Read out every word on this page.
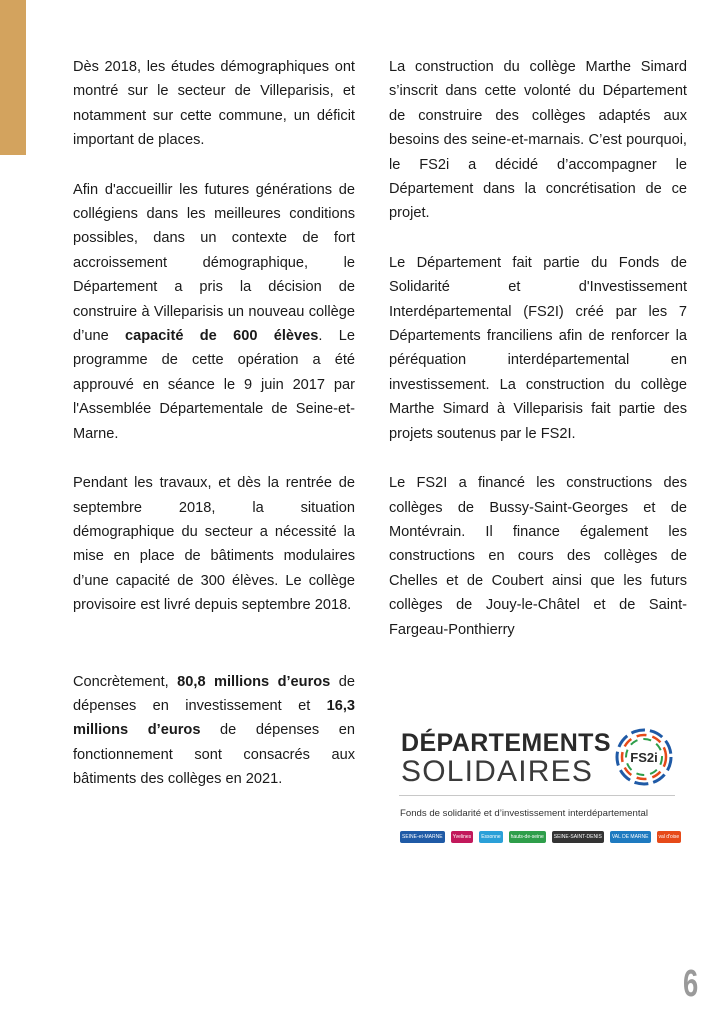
Dès 2018, les études démographiques ont montré sur le secteur de Villeparisis, et notamment sur cette commune, un déficit important de places.

Afin d'accueillir les futures générations de collégiens dans les meilleures conditions possibles, dans un contexte de fort accroissement démographique, le Département a pris la décision de construire à Villeparisis un nouveau collège d’une capacité de 600 élèves. Le programme de cette opération a été approuvé en séance le 9 juin 2017 par l'Assemblée Départementale de Seine-et-Marne.

Pendant les travaux, et dès la rentrée de septembre 2018, la situation démographique du secteur a nécessité la mise en place de bâtiments modulaires d’une capacité de 300 élèves. Le collège provisoire est livré depuis septembre 2018.

Concrètement, 80,8 millions d’euros de dépenses en investissement et 16,3 millions d’euros de dépenses en fonctionnement sont consacrés aux bâtiments des collèges en 2021.

La construction du collège Marthe Simard s’inscrit dans cette volonté du Département de construire des collèges adaptés aux besoins des seine-et-marnais. C’est pourquoi, le FS2i a décidé d’accompagner le Département dans la concrétisation de ce projet.

Le Département fait partie du Fonds de Solidarité et d'Investissement Interdépartemental (FS2I) créé par les 7 Départements franciliens afin de renforcer la péréquation interdépartemental en investissement. La construction du collège Marthe Simard à Villeparisis fait partie des projets soutenus par le FS2I.

Le FS2I a financé les constructions des collèges de Bussy-Saint-Georges et de Montévrain. Il finance également les constructions en cours des collèges de Chelles et de Coubert ainsi que les futurs collèges de Jouy-le-Châtel et de Saint-Fargeau-Ponthierry

DÉPARTEMENTS
SOLIDAIRES	FS2i
Fonds de solidarité et d’investissement interdépartemental
SEINE-et-MARNE	Yvelines	Essonne	hauts-de-seine	SEINE-SAINT-DENIS	VAL DE MARNE	val d'oise
6
